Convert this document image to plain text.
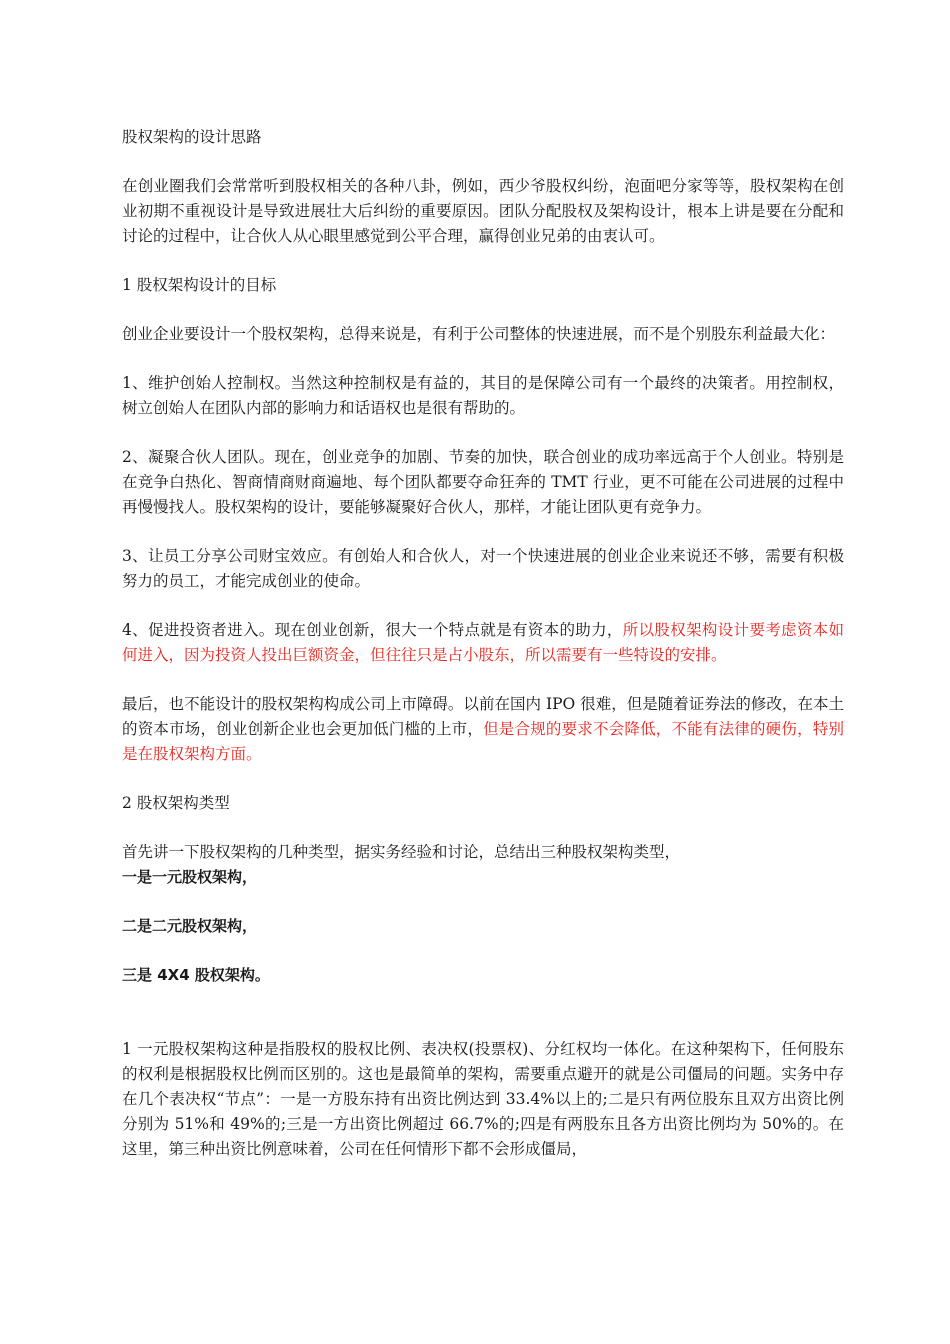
股权架构的设计思路

在创业圈我们会常常听到股权相关的各种八卦，例如，西少爷股权纠纷，泡面吧分家等等，股权架构在创业初期不重视设计是导致进展壮大后纠纷的重要原因。团队分配股权及架构设计，根本上讲是要在分配和讨论的过程中，让合伙人从心眼里感觉到公平合理，赢得创业兄弟的由衷认可。

1 股权架构设计的目标

创业企业要设计一个股权架构，总得来说是，有利于公司整体的快速进展，而不是个别股东利益最大化：

1、维护创始人控制权。当然这种控制权是有益的，其目的是保障公司有一个最终的决策者。用控制权，树立创始人在团队内部的影响力和话语权也是很有帮助的。

2、凝聚合伙人团队。现在，创业竞争的加剧、节奏的加快，联合创业的成功率远高于个人创业。特别是在竞争白热化、智商情商财商遍地、每个团队都要夺命狂奔的 TMT 行业，更不可能在公司进展的过程中再慢慢找人。股权架构的设计，要能够凝聚好合伙人，那样，才能让团队更有竞争力。

3、让员工分享公司财宝效应。有创始人和合伙人，对一个快速进展的创业企业来说还不够，需要有积极努力的员工，才能完成创业的使命。

4、促进投资者进入。现在创业创新，很大一个特点就是有资本的助力，所以股权架构设计要考虑资本如何进入，因为投资人投出巨额资金，但往往只是占小股东，所以需要有一些特设的安排。

最后，也不能设计的股权架构构成公司上市障碍。以前在国内 IPO 很难，但是随着证券法的修改，在本土的资本市场，创业创新企业也会更加低门槛的上市，但是合规的要求不会降低，不能有法律的硬伤，特别是在股权架构方面。

2 股权架构类型

首先讲一下股权架构的几种类型，据实务经验和讨论，总结出三种股权架构类型，

一是一元股权架构，

二是二元股权架构，

三是 4X4 股权架构。

1 一元股权架构这种是指股权的股权比例、表决权(投票权)、分红权均一体化。在这种架构下，任何股东的权利是根据股权比例而区别的。这也是最简单的架构，需要重点避开的就是公司僵局的问题。实务中存在几个表决权“节点”：一是一方股东持有出资比例达到 33.4%以上的;二是只有两位股东且双方出资比例分别为 51%和 49%的;三是一方出资比例超过 66.7%的;四是有两股东且各方出资比例均为 50%的。在这里，第三种出资比例意味着，公司在任何情形下都不会形成僵局，
